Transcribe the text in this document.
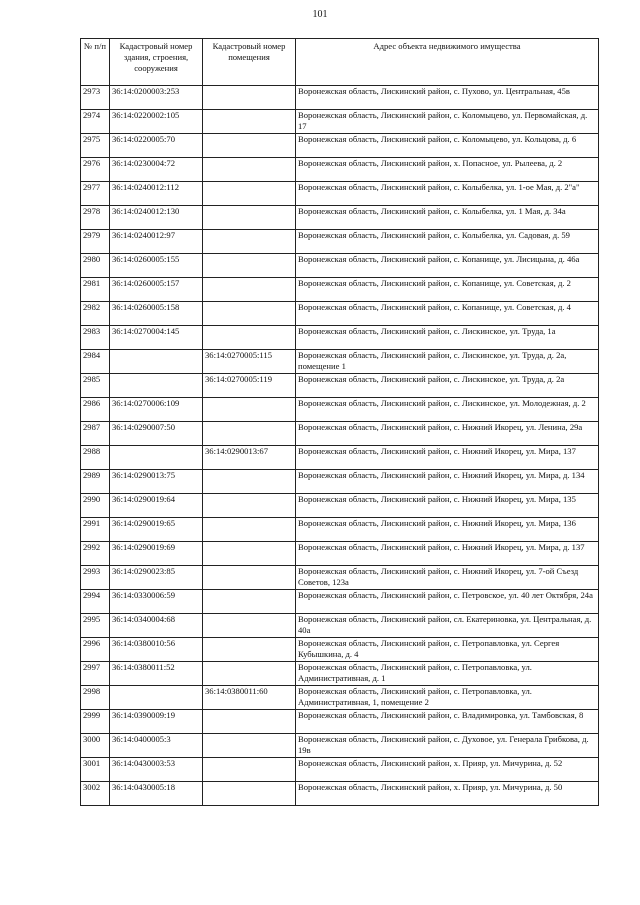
101
№ п/п	Кадастровый номер здания, строения, сооружения	Кадастровый номер помещения	Адрес объекта недвижимого имущества
2973	36:14:0200003:253		Воронежская область, Лискинский район, с. Пухово, ул. Центральная, 45в
2974	36:14:0220002:105		Воронежская область, Лискинский район, с. Коломыцево, ул. Первомайская, д. 17
2975	36:14:0220005:70		Воронежская область, Лискинский район, с. Коломыцево, ул. Кольцова, д. 6
2976	36:14:0230004:72		Воронежская область, Лискинский район, х. Попасное, ул. Рылеева, д. 2
2977	36:14:0240012:112		Воронежская область, Лискинский район, с. Колыбелка, ул. 1-ое Мая, д. 2"а"
2978	36:14:0240012:130		Воронежская область, Лискинский район, с. Колыбелка, ул. 1 Мая, д. 34а
2979	36:14:0240012:97		Воронежская область, Лискинский район, с. Колыбелка, ул. Садовая, д. 59
2980	36:14:0260005:155		Воронежская область, Лискинский район, с. Копанище, ул. Лисицына, д. 46а
2981	36:14:0260005:157		Воронежская область, Лискинский район, с. Копанище, ул. Советская, д. 2
2982	36:14:0260005:158		Воронежская область, Лискинский район, с. Копанище, ул. Советская, д. 4
2983	36:14:0270004:145		Воронежская область, Лискинский район, с. Лискинское, ул. Труда, 1а
2984		36:14:0270005:115	Воронежская область, Лискинский район, с. Лискинское, ул. Труда, д. 2а, помещение 1
2985		36:14:0270005:119	Воронежская область, Лискинский район, с. Лискинское, ул. Труда, д. 2а
2986	36:14:0270006:109		Воронежская область, Лискинский район, с. Лискинское, ул. Молодежная, д. 2
2987	36:14:0290007:50		Воронежская область, Лискинский район, с. Нижний Икорец, ул. Ленина, 29а
2988		36:14:0290013:67	Воронежская область, Лискинский район, с. Нижний Икорец, ул. Мира, 137
2989	36:14:0290013:75		Воронежская область, Лискинский район, с. Нижний Икорец, ул. Мира, д. 134
2990	36:14:0290019:64		Воронежская область, Лискинский район, с. Нижний Икорец, ул. Мира, 135
2991	36:14:0290019:65		Воронежская область, Лискинский район, с. Нижний Икорец, ул. Мира, 136
2992	36:14:0290019:69		Воронежская область, Лискинский район, с. Нижний Икорец, ул. Мира, д. 137
2993	36:14:0290023:85		Воронежская область, Лискинский район, с. Нижний Икорец, ул. 7-ой Съезд Советов, 123а
2994	36:14:0330006:59		Воронежская область, Лискинский район, с. Петровское, ул. 40 лет Октября, 24а
2995	36:14:0340004:68		Воронежская область, Лискинский район, сл. Екатериновка, ул. Центральная, д. 40а
2996	36:14:0380010:56		Воронежская область, Лискинский район, с. Петропавловка, ул. Сергея Кубышкина, д. 4
2997	36:14:0380011:52		Воронежская область, Лискинский район, с. Петропавловка, ул. Административная, д. 1
2998		36:14:0380011:60	Воронежская область, Лискинский район, с. Петропавловка, ул. Административная, 1, помещение 2
2999	36:14:0390009:19		Воронежская область, Лискинский район, с. Владимировка, ул. Тамбовская, 8
3000	36:14:0400005:3		Воронежская область, Лискинский район, с. Духовое, ул. Генерала Грибкова, д. 19в
3001	36:14:0430003:53		Воронежская область, Лискинский район, х. Прияр, ул. Мичурина, д. 52
3002	36:14:0430005:18		Воронежская область, Лискинский район, х. Прияр, ул. Мичурина, д. 50
